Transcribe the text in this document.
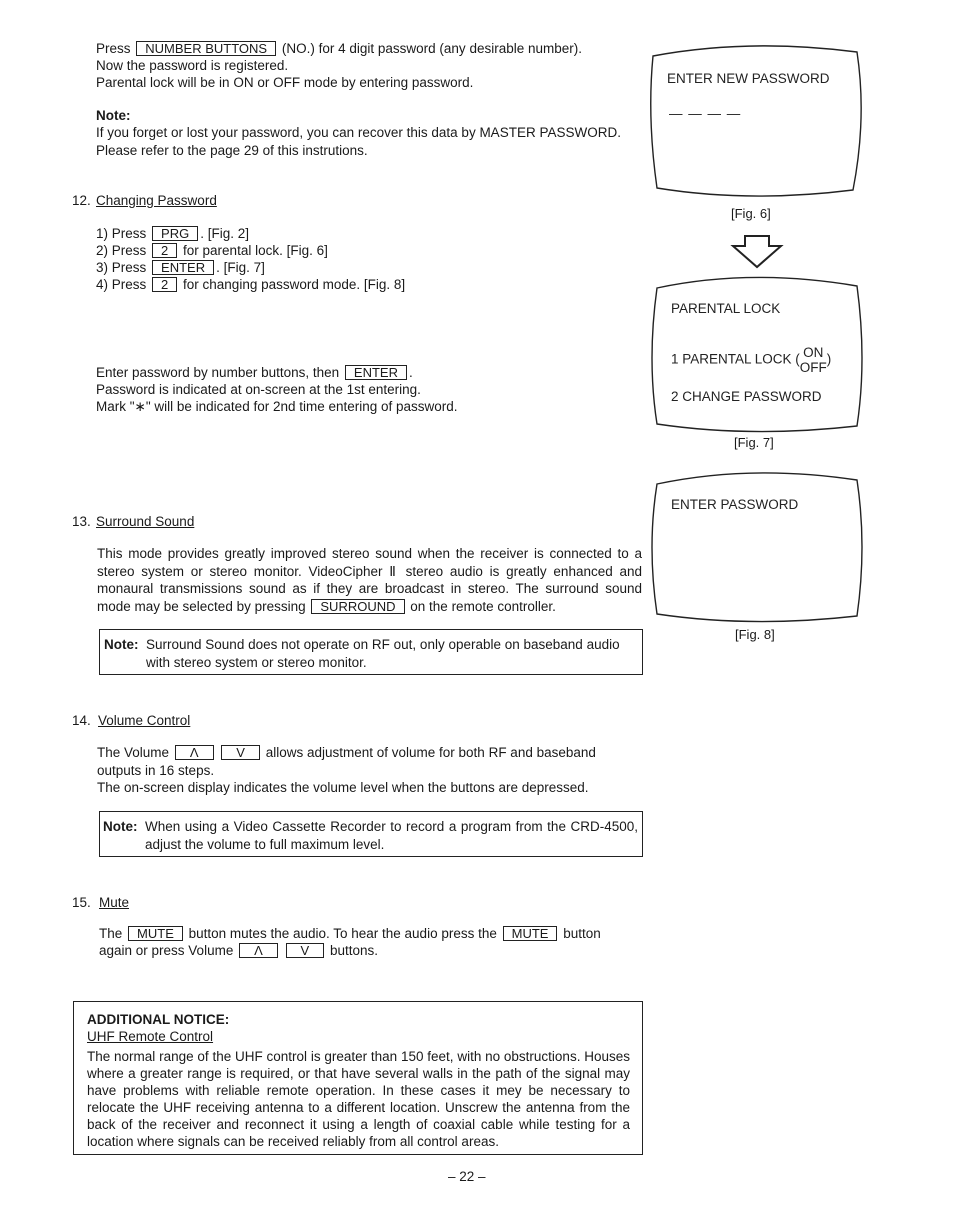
Press NUMBER BUTTONS (NO.) for 4 digit password (any desirable number).
Now the password is registered.
Parental lock will be in ON or OFF mode by entering password.
Note:
If you forget or lost your password, you can recover this data by MASTER PASSWORD.
Please refer to the page 29 of this instrutions.
12. Changing Password
1) Press PRG . [Fig. 2]
2) Press 2 for parental lock. [Fig. 6]
3) Press ENTER . [Fig. 7]
4) Press 2 for changing password mode. [Fig. 8]
Enter password by number buttons, then ENTER .
Password is indicated at on-screen at the 1st entering.
Mark "∗" will be indicated for 2nd time entering of password.
13. Surround Sound
This mode provides greatly improved stereo sound when the receiver is connected to a stereo system or stereo monitor. VideoCipher Ⅱ stereo audio is greatly enhanced and monaural transmissions sound as if they are broadcast in stereo. The surround sound mode may be selected by pressing SURROUND on the remote controller.
Note: Surround Sound does not operate on RF out, only operable on baseband audio with stereo system or stereo monitor.
14. Volume Control
The Volume Λ	V allows adjustment of volume for both RF and baseband
outputs in 16 steps.
The on-screen display indicates the volume level when the buttons are depressed.
Note: When using a Video Cassette Recorder to record a program from the CRD-4500, adjust the volume to full maximum level.
15. Mute
The MUTE button mutes the audio. To hear the audio press the MUTE button
again or press Volume Λ	V buttons.
ADDITIONAL NOTICE:
UHF Remote Control
The normal range of the UHF control is greater than 150 feet, with no obstructions. Houses where a greater range is required, or that have several walls in the path of the signal may have problems with reliable remote operation. In these cases it mey be necessary to relocate the UHF receiving antenna to a different location. Unscrew the antenna from the back of the receiver and reconnect it using a length of coaxial cable while testing for a location where signals can be received reliably from all control areas.
ENTER NEW PASSWORD
— — — —
[Fig. 6]
PARENTAL LOCK
1 PARENTAL LOCK ( ON
OFF
)
2 CHANGE PASSWORD
[Fig. 7]
ENTER PASSWORD
[Fig. 8]
– 22 –
